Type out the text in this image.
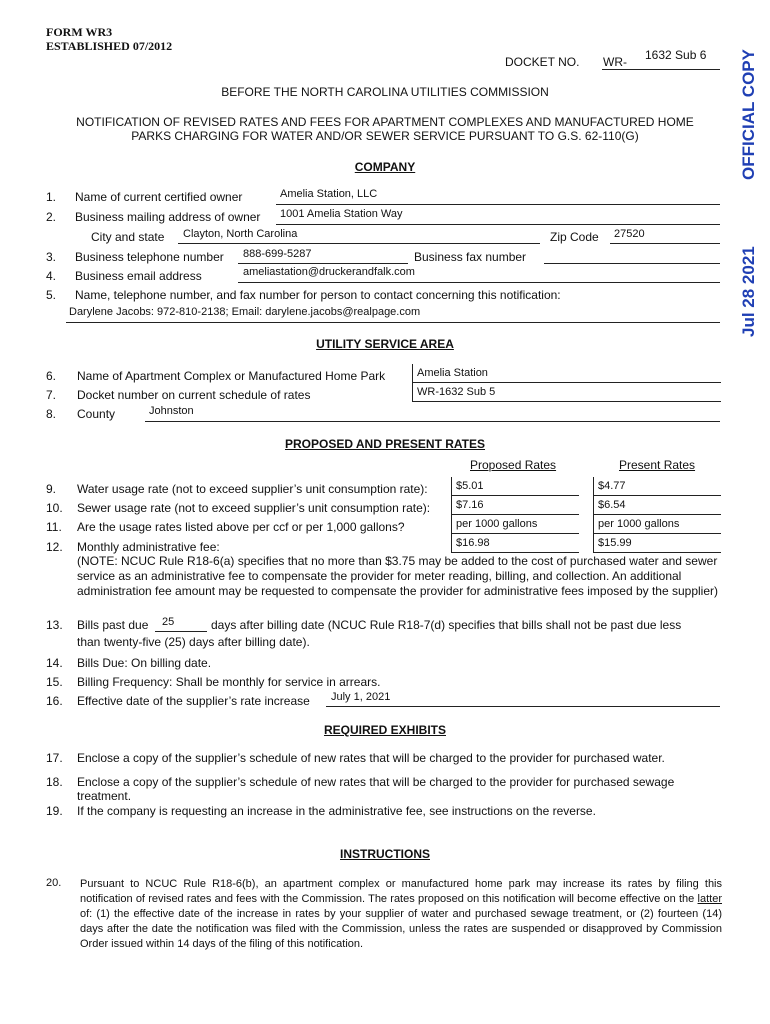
FORM WR3
ESTABLISHED 07/2012
DOCKET NO. WR- 1632 Sub 6 OFFICIAL COPY
Jul 28 2021
BEFORE THE NORTH CAROLINA UTILITIES COMMISSION
NOTIFICATION OF REVISED RATES AND FEES FOR APARTMENT COMPLEXES AND MANUFACTURED HOME
PARKS CHARGING FOR WATER AND/OR SEWER SERVICE PURSUANT TO G.S. 62-110(G)
COMPANY
1. Name of current certified owner	Amelia Station, LLC
2. Business mailing address of owner 1001 Amelia Station Way
City and state Clayton, North Carolina	Zip Code 27520
3. Business telephone number 888-699-5287	Business fax number
4. Business email address	ameliastation@druckerandfalk.com
5. Name, telephone number, and fax number for person to contact concerning this notification:
Darylene Jacobs: 972-810-2138; Email: darylene.jacobs@realpage.com
UTILITY SERVICE AREA
6. Name of Apartment Complex or Manufactured Home Park	Amelia Station
7. Docket number on current schedule of rates	WR-1632 Sub 5
8. County	Johnston
PROPOSED AND PRESENT RATES
Proposed Rates	Present Rates
9. Water usage rate (not to exceed supplier’s unit consumption rate):	$5.01	$4.77
10. Sewer usage rate (not to exceed supplier’s unit consumption rate): $7.16	$6.54
11. Are the usage rates listed above per ccf or per 1,000 gallons?	per 1000 gallons	per 1000 gallons
12. Monthly administrative fee:	$16.98	$15.99
(NOTE: NCUC Rule R18-6(a) specifies that no more than $3.75 may be added to the cost of purchased water and sewer service as an administrative fee to compensate the provider for meter reading, billing, and collection. An additional administration fee amount may be requested to compensate the provider for administrative fees imposed by the supplier)
13. Bills past due 25	days after billing date (NCUC Rule R18-7(d) specifies that bills shall not be past due less
than twenty-five (25) days after billing date).
14. Bills Due: On billing date.
15. Billing Frequency: Shall be monthly for service in arrears.
16. Effective date of the supplier’s rate increase July 1, 2021
REQUIRED EXHIBITS
17. Enclose a copy of the supplier’s schedule of new rates that will be charged to the provider for purchased water.
18. Enclose a copy of the supplier’s schedule of new rates that will be charged to the provider for purchased sewage treatment.
19. If the company is requesting an increase in the administrative fee, see instructions on the reverse.
INSTRUCTIONS
20. Pursuant to NCUC Rule R18-6(b), an apartment complex or manufactured home park may increase its rates by filing this notification of revised rates and fees with the Commission. The rates proposed on this notification will become effective on the latter of: (1) the effective date of the increase in rates by your supplier of water and purchased sewage treatment, or (2) fourteen (14) days after the date the notification was filed with the Commission, unless the rates are suspended or disapproved by Commission Order issued within 14 days of the filing of this notification.
